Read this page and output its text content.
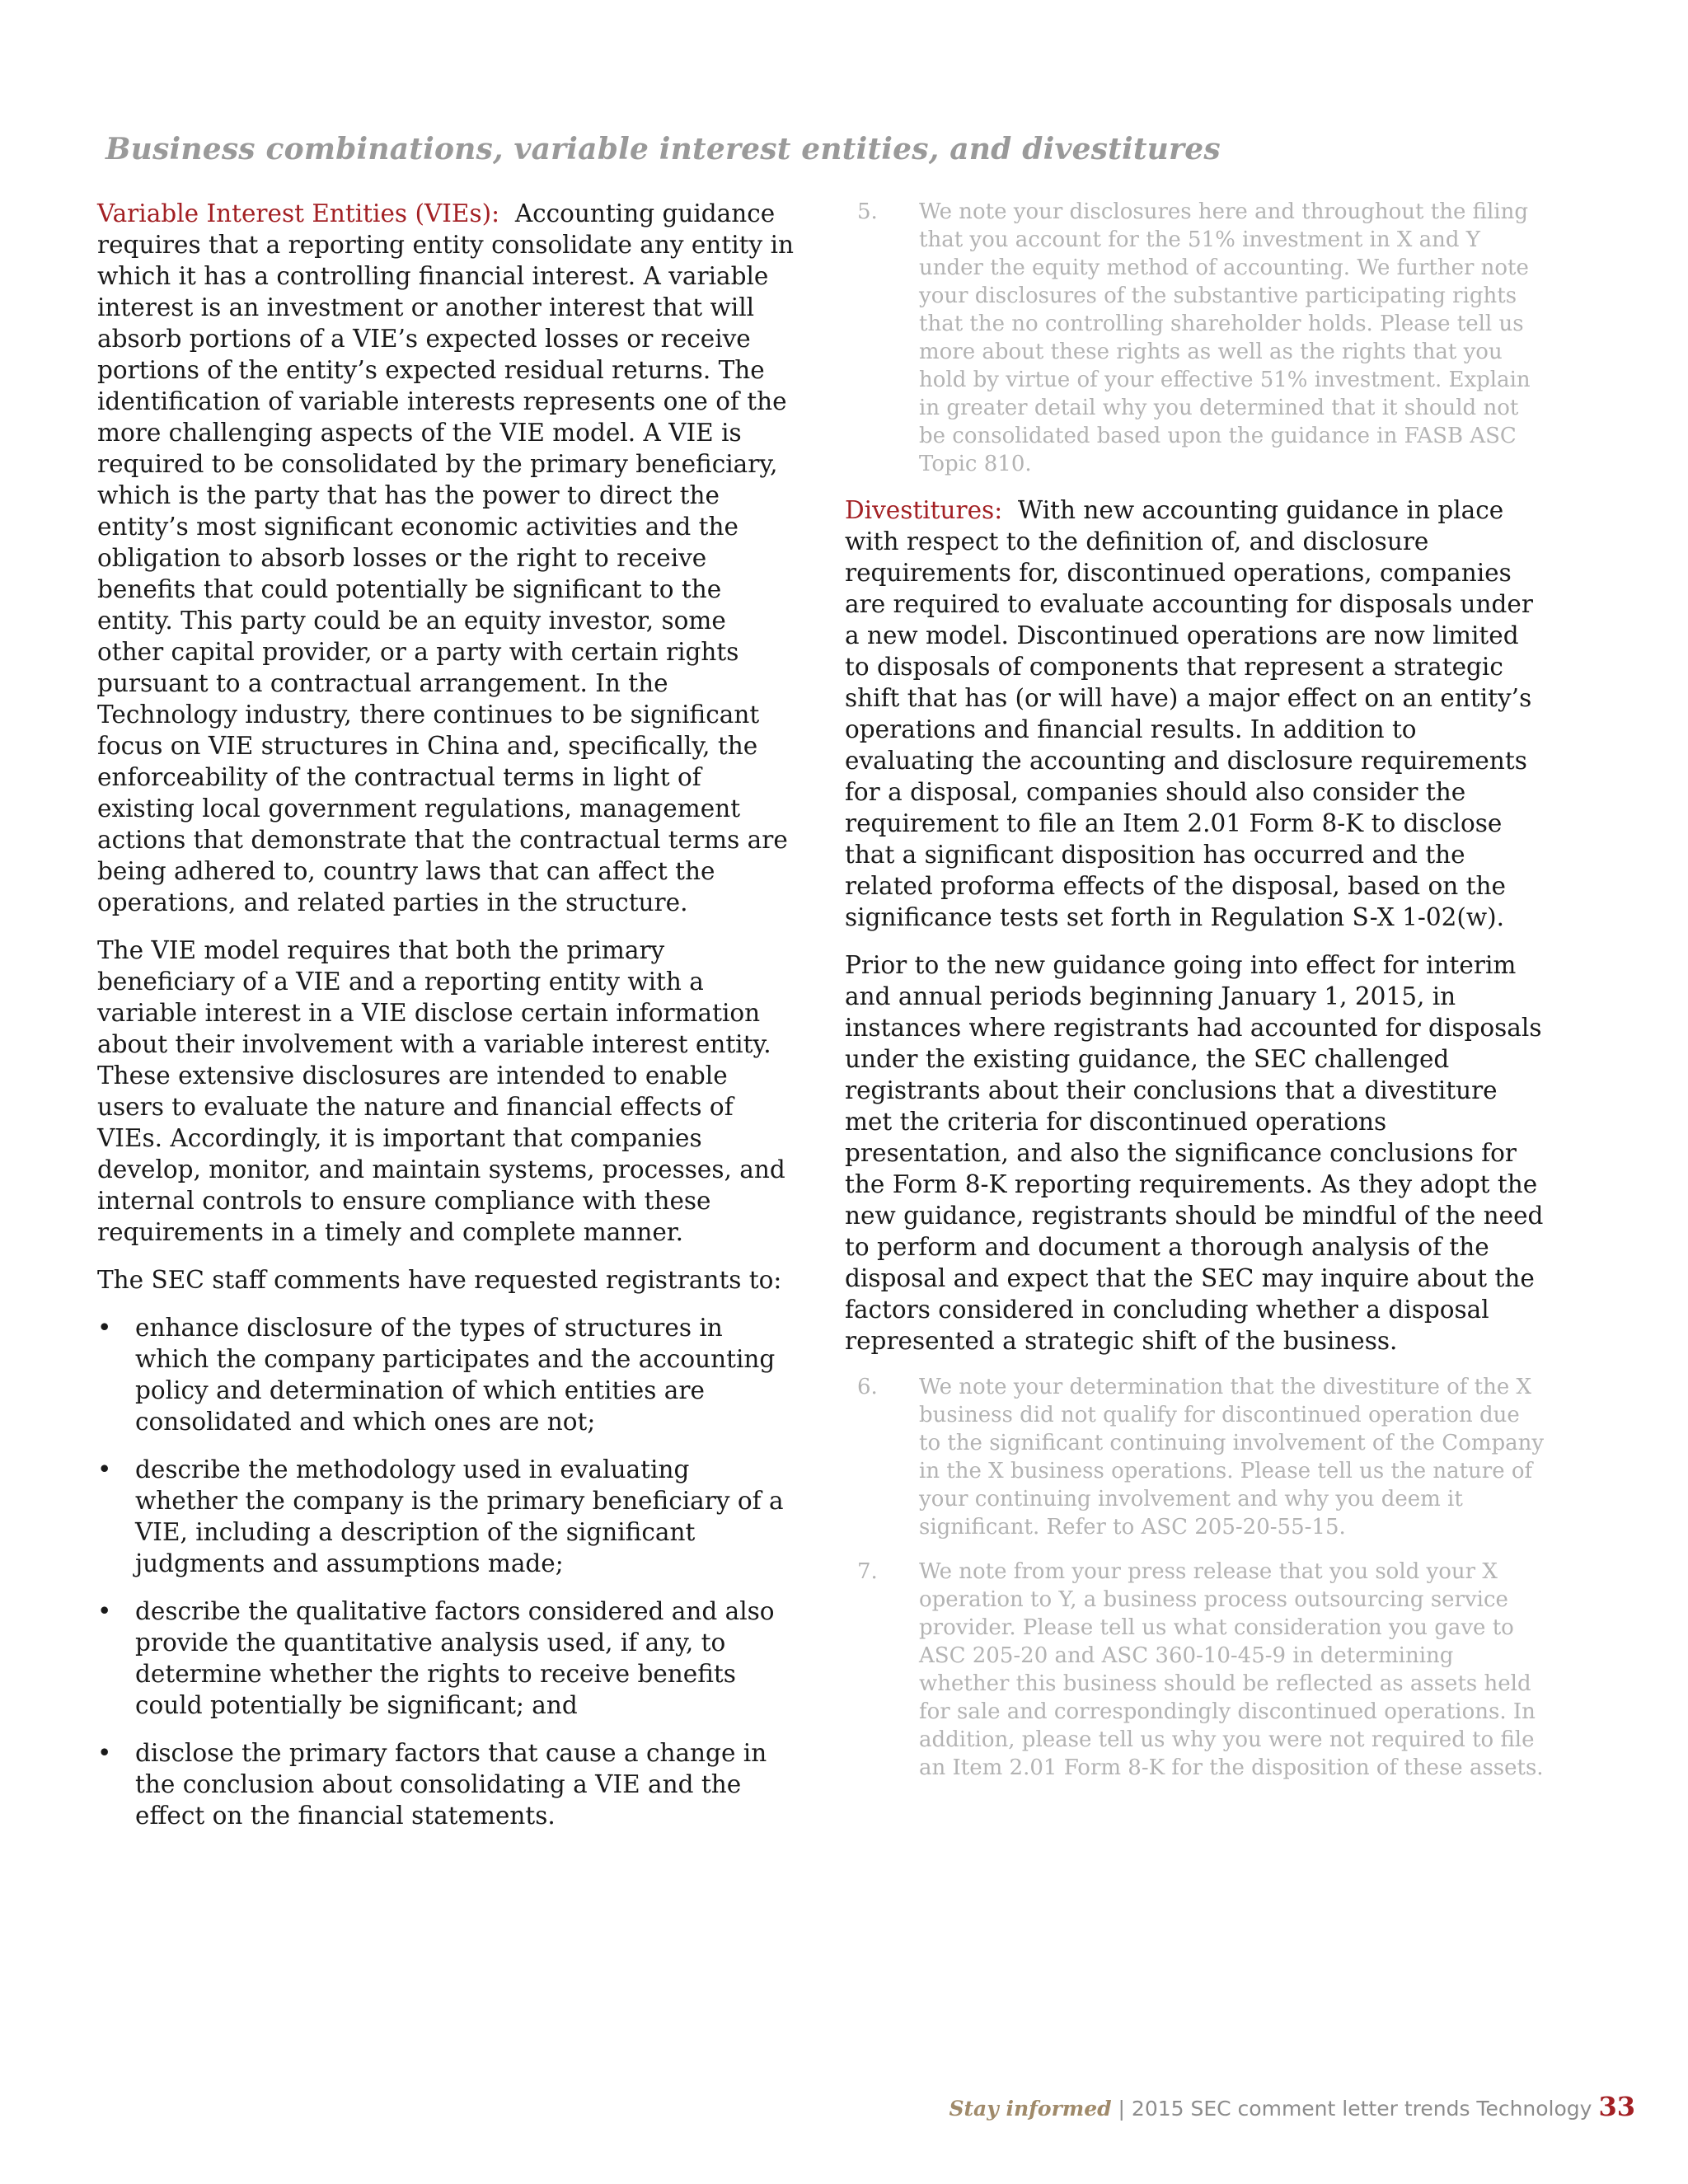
Business combinations, variable interest entities, and divestitures

Variable Interest Entities (VIEs): Accounting guidance requires that a reporting entity consolidate any entity in which it has a controlling financial interest. A variable interest is an investment or another interest that will absorb portions of a VIE’s expected losses or receive portions of the entity’s expected residual returns. The identification of variable interests represents one of the more challenging aspects of the VIE model. A VIE is required to be consolidated by the primary beneficiary, which is the party that has the power to direct the entity’s most significant economic activities and the obligation to absorb losses or the right to receive benefits that could potentially be significant to the entity. This party could be an equity investor, some other capital provider, or a party with certain rights pursuant to a contractual arrangement. In the Technology industry, there continues to be significant focus on VIE structures in China and, specifically, the enforceability of the contractual terms in light of existing local government regulations, management actions that demonstrate that the contractual terms are being adhered to, country laws that can affect the operations, and related parties in the structure.

The VIE model requires that both the primary beneficiary of a VIE and a reporting entity with a variable interest in a VIE disclose certain information about their involvement with a variable interest entity. These extensive disclosures are intended to enable users to evaluate the nature and financial effects of VIEs. Accordingly, it is important that companies develop, monitor, and maintain systems, processes, and internal controls to ensure compliance with these requirements in a timely and complete manner.

The SEC staff comments have requested registrants to:

• enhance disclosure of the types of structures in which the company participates and the accounting policy and determination of which entities are consolidated and which ones are not;
• describe the methodology used in evaluating whether the company is the primary beneficiary of a VIE, including a description of the significant judgments and assumptions made;
• describe the qualitative factors considered and also provide the quantitative analysis used, if any, to determine whether the rights to receive benefits could potentially be significant; and
• disclose the primary factors that cause a change in the conclusion about consolidating a VIE and the effect on the financial statements.
5. We note your disclosures here and throughout the filing that you account for the 51% investment in X and Y under the equity method of accounting. We further note your disclosures of the substantive participating rights that the no controlling shareholder holds. Please tell us more about these rights as well as the rights that you hold by virtue of your effective 51% investment. Explain in greater detail why you determined that it should not be consolidated based upon the guidance in FASB ASC Topic 810.

Divestitures: With new accounting guidance in place with respect to the definition of, and disclosure requirements for, discontinued operations, companies are required to evaluate accounting for disposals under a new model. Discontinued operations are now limited to disposals of components that represent a strategic shift that has (or will have) a major effect on an entity’s operations and financial results. In addition to evaluating the accounting and disclosure requirements for a disposal, companies should also consider the requirement to file an Item 2.01 Form 8-K to disclose that a significant disposition has occurred and the related proforma effects of the disposal, based on the significance tests set forth in Regulation S-X 1-02(w).

Prior to the new guidance going into effect for interim and annual periods beginning January 1, 2015, in instances where registrants had accounted for disposals under the existing guidance, the SEC challenged registrants about their conclusions that a divestiture met the criteria for discontinued operations presentation, and also the significance conclusions for the Form 8-K reporting requirements. As they adopt the new guidance, registrants should be mindful of the need to perform and document a thorough analysis of the disposal and expect that the SEC may inquire about the factors considered in concluding whether a disposal represented a strategic shift of the business.

6. We note your determination that the divestiture of the X business did not qualify for discontinued operation due to the significant continuing involvement of the Company in the X business operations. Please tell us the nature of your continuing involvement and why you deem it significant. Refer to ASC 205-20-55-15.
7. We note from your press release that you sold your X operation to Y, a business process outsourcing service provider. Please tell us what consideration you gave to ASC 205-20 and ASC 360-10-45-9 in determining whether this business should be reflected as assets held for sale and correspondingly discontinued operations. In addition, please tell us why you were not required to file an Item 2.01 Form 8-K for the disposition of these assets.
Stay informed | 2015 SEC comment letter trends Technology 33
